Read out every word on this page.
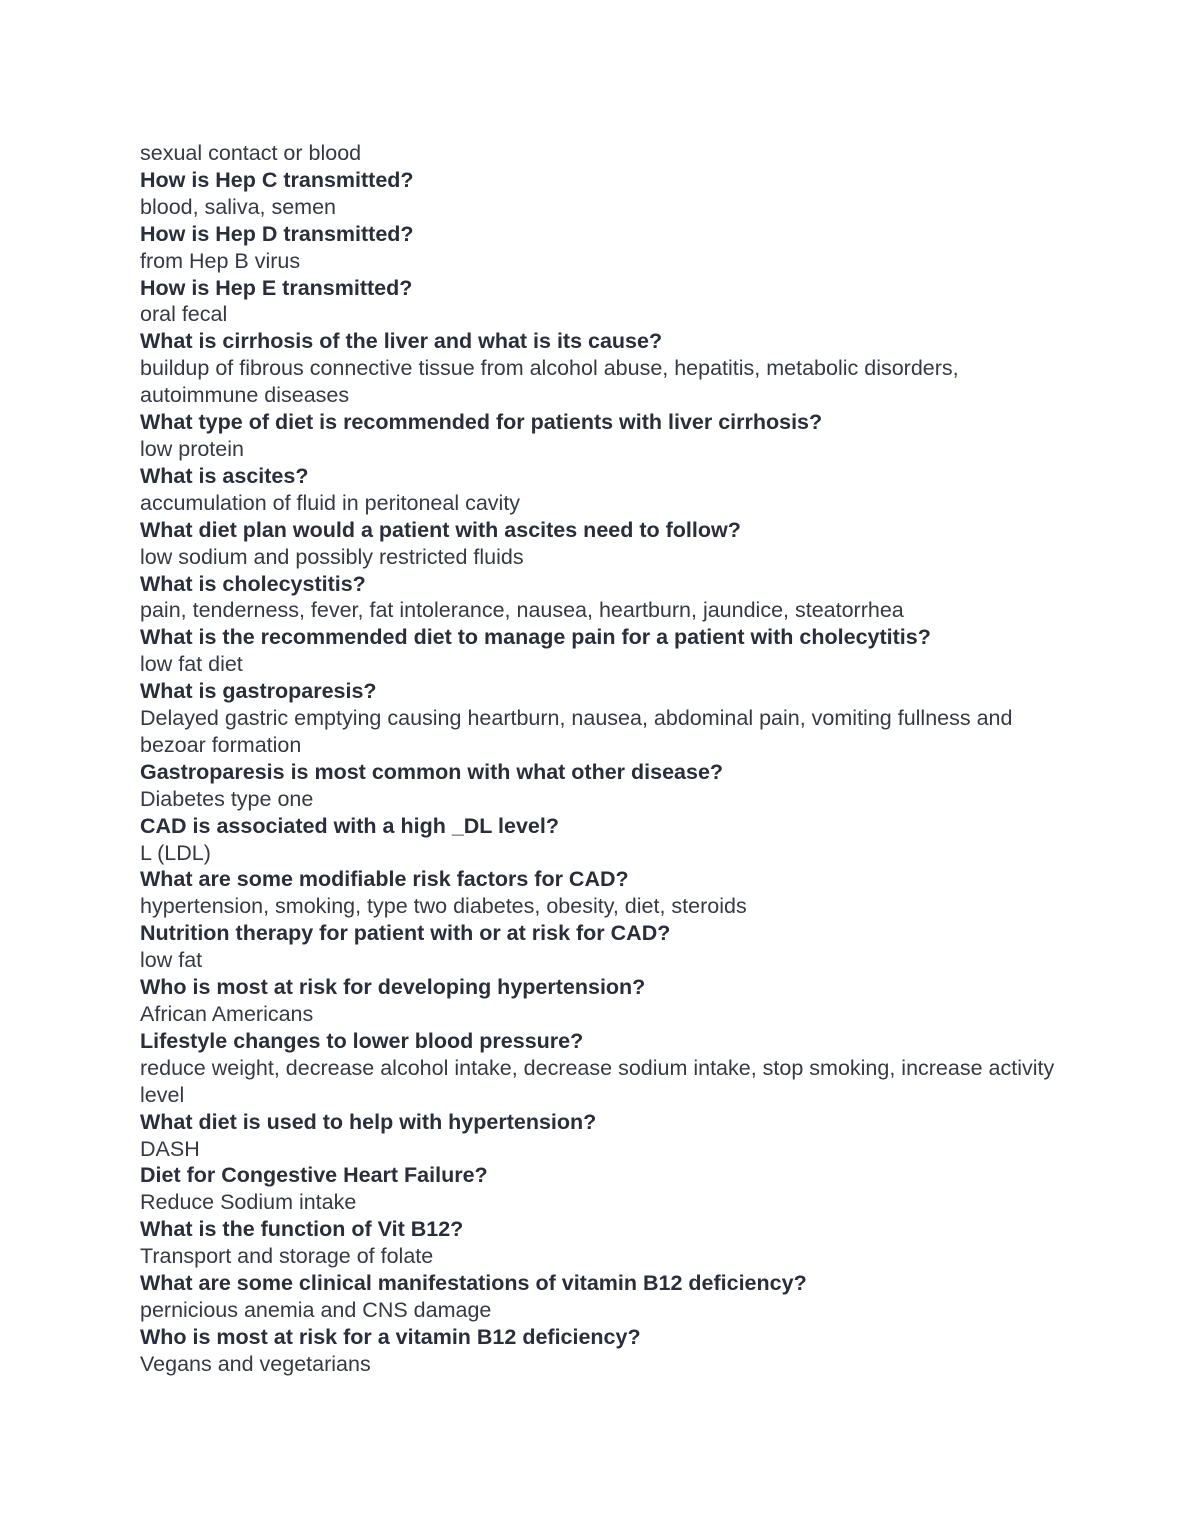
sexual contact or blood
How is Hep C transmitted?
blood, saliva, semen
How is Hep D transmitted?
from Hep B virus
How is Hep E transmitted?
oral fecal
What is cirrhosis of the liver and what is its cause?
buildup of fibrous connective tissue from alcohol abuse, hepatitis, metabolic disorders, autoimmune diseases
What type of diet is recommended for patients with liver cirrhosis?
low protein
What is ascites?
accumulation of fluid in peritoneal cavity
What diet plan would a patient with ascites need to follow?
low sodium and possibly restricted fluids
What is cholecystitis?
pain, tenderness, fever, fat intolerance, nausea, heartburn, jaundice, steatorrhea
What is the recommended diet to manage pain for a patient with cholecytitis?
low fat diet
What is gastroparesis?
Delayed gastric emptying causing heartburn, nausea, abdominal pain, vomiting fullness and bezoar formation
Gastroparesis is most common with what other disease?
Diabetes type one
CAD is associated with a high _DL level?
L (LDL)
What are some modifiable risk factors for CAD?
hypertension, smoking, type two diabetes, obesity, diet, steroids
Nutrition therapy for patient with or at risk for CAD?
low fat
Who is most at risk for developing hypertension?
African Americans
Lifestyle changes to lower blood pressure?
reduce weight, decrease alcohol intake, decrease sodium intake, stop smoking, increase activity level
What diet is used to help with hypertension?
DASH
Diet for Congestive Heart Failure?
Reduce Sodium intake
What is the function of Vit B12?
Transport and storage of folate
What are some clinical manifestations of vitamin B12 deficiency?
pernicious anemia and CNS damage
Who is most at risk for a vitamin B12 deficiency?
Vegans and vegetarians
